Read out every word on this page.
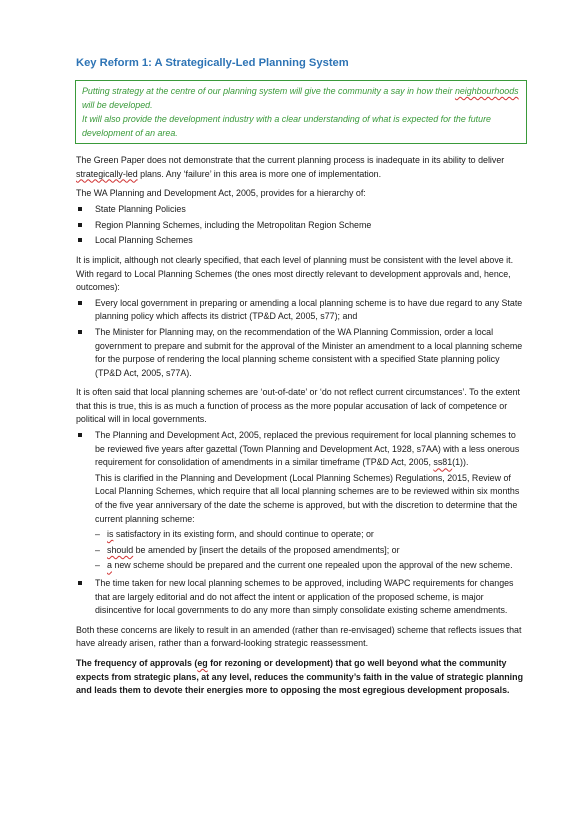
Key Reform 1: A Strategically-Led Planning System

Putting strategy at the centre of our planning system will give the community a say in how their neighbourhoods will be developed.

It will also provide the development industry with a clear understanding of what is expected for the future development of an area.

The Green Paper does not demonstrate that the current planning process is inadequate in its ability to deliver strategically-led plans. Any ‘failure’ in this area is more one of implementation.

The WA Planning and Development Act, 2005, provides for a hierarchy of:

State Planning Policies
Region Planning Schemes, including the Metropolitan Region Scheme
Local Planning Schemes

It is implicit, although not clearly specified, that each level of planning must be consistent with the level above it. With regard to Local Planning Schemes (the ones most directly relevant to development approvals and, hence, outcomes):

Every local government in preparing or amending a local planning scheme is to have due regard to any State planning policy which affects its district (TP&D Act, 2005, s77); and
The Minister for Planning may, on the recommendation of the WA Planning Commission, order a local government to prepare and submit for the approval of the Minister an amendment to a local planning scheme for the purpose of rendering the local planning scheme consistent with a specified State planning policy (TP&D Act, 2005, s77A).

It is often said that local planning schemes are ‘out-of-date’ or ‘do not reflect current circumstances’. To the extent that this is true, this is as much a function of process as the more popular accusation of lack of competence or political will in local governments.

The Planning and Development Act, 2005, replaced the previous requirement for local planning schemes to be reviewed five years after gazettal (Town Planning and Development Act, 1928, s7AA) with a less onerous requirement for consolidation of amendments in a similar timeframe (TP&D Act, 2005, ss81(1)).
This is clarified in the Planning and Development (Local Planning Schemes) Regulations, 2015, Review of Local Planning Schemes, which require that all local planning schemes are to be reviewed within six months of the five year anniversary of the date the scheme is approved, but with the discretion to determine that the current planning scheme:
– is satisfactory in its existing form, and should continue to operate; or
– should be amended by [insert the details of the proposed amendments]; or
– a new scheme should be prepared and the current one repealed upon the approval of the new scheme.
The time taken for new local planning schemes to be approved, including WAPC requirements for changes that are largely editorial and do not affect the intent or application of the proposed scheme, is major disincentive for local governments to do any more than simply consolidate existing scheme amendments.

Both these concerns are likely to result in an amended (rather than re-envisaged) scheme that reflects issues that have already arisen, rather than a forward-looking strategic reassessment.

The frequency of approvals (eg for rezoning or development) that go well beyond what the community expects from strategic plans, at any level, reduces the community’s faith in the value of strategic planning and leads them to devote their energies more to opposing the most egregious development proposals.
